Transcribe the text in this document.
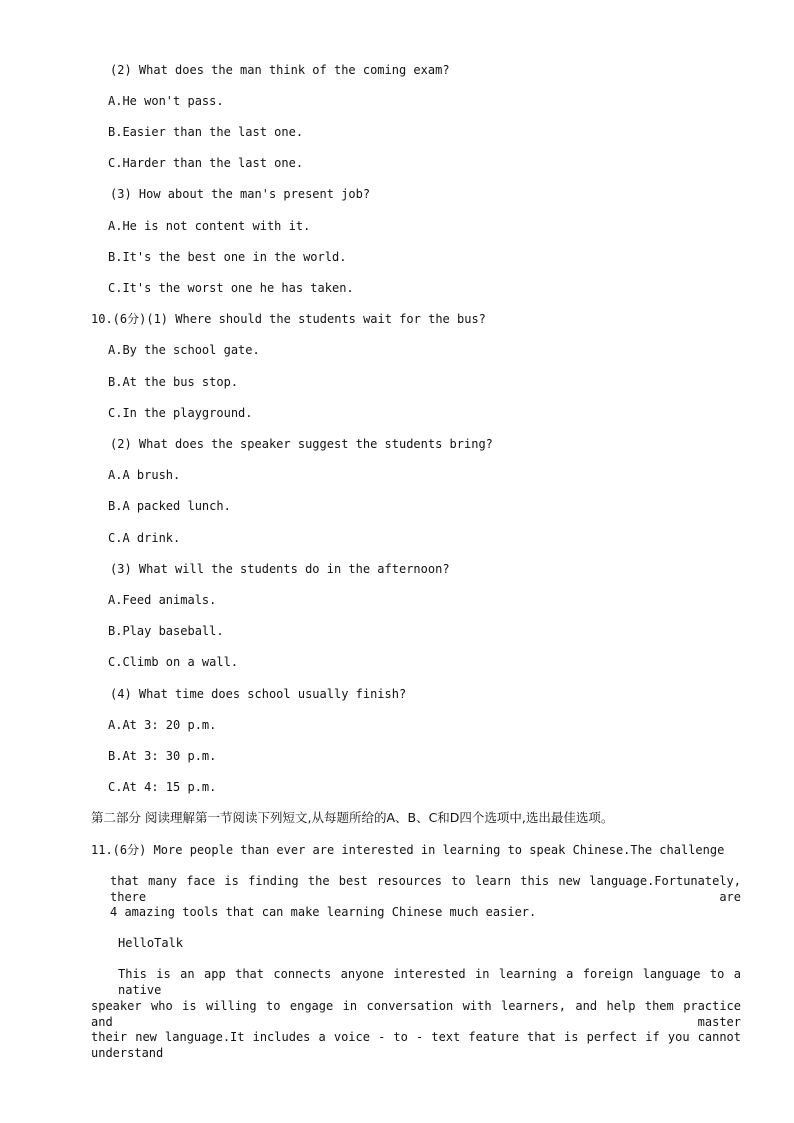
(2) What does the man think of the coming exam?
A.He won't pass.
B.Easier than the last one.
C.Harder than the last one.
(3) How about the man's present job?
A.He is not content with it.
B.It's the best one in the world.
C.It's the worst one he has taken.
10.(6分)(1) Where should the students wait for the bus?
A.By the school gate.
B.At the bus stop.
C.In the playground.
(2) What does the speaker suggest the students bring?
A.A brush.
B.A packed lunch.
C.A drink.
(3) What will the students do in the afternoon?
A.Feed animals.
B.Play baseball.
C.Climb on a wall.
(4) What time does school usually finish?
A.At 3: 20 p.m.
B.At 3: 30 p.m.
C.At 4: 15 p.m.
第二部分 阅读理解第一节阅读下列短文,从每题所给的A、B、C和D四个选项中,选出最佳选项。
11.(6分) More people than ever are interested in learning to speak Chinese.The challenge
that many face is finding the best resources to learn this new language.Fortunately, there are
4 amazing tools that can make learning Chinese much easier.
HelloTalk
This is an app that connects anyone interested in learning a foreign language to a native
speaker who is willing to engage in conversation with learners, and help them practice and master
their new language.It includes a voice - to - text feature that is perfect if you cannot understand
